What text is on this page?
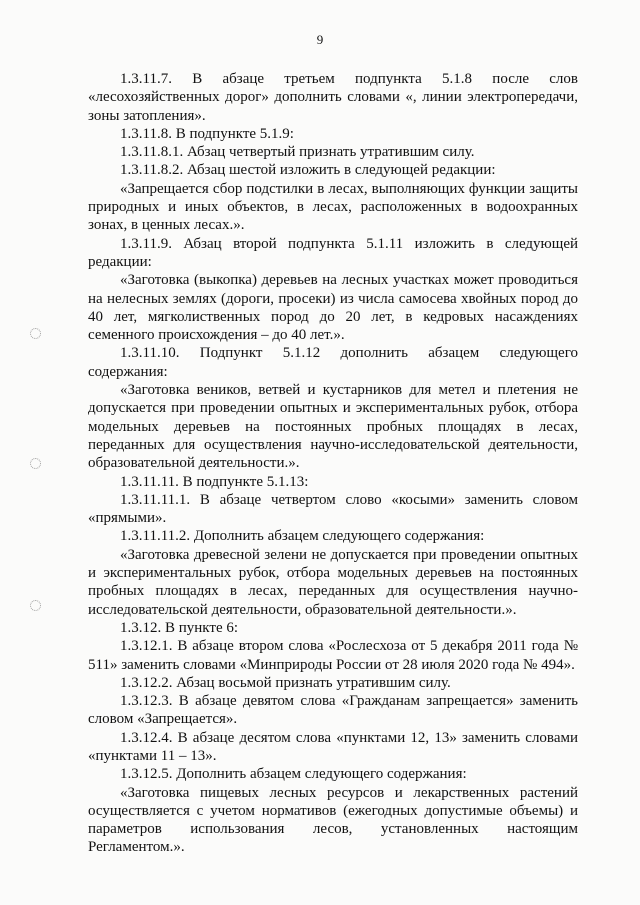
9

1.3.11.7. В абзаце третьем подпункта 5.1.8 после слов «лесохозяйственных дорог» дополнить словами «, линии электропередачи, зоны затопления».

1.3.11.8. В подпункте 5.1.9:

1.3.11.8.1. Абзац четвертый признать утратившим силу.

1.3.11.8.2. Абзац шестой изложить в следующей редакции:

«Запрещается сбор подстилки в лесах, выполняющих функции защиты природных и иных объектов, в лесах, расположенных в водоохранных зонах, в ценных лесах.».

1.3.11.9. Абзац второй подпункта 5.1.11 изложить в следующей редакции:

«Заготовка (выкопка) деревьев на лесных участках может проводиться на нелесных землях (дороги, просеки) из числа самосева хвойных пород до 40 лет, мягколиственных пород до 20 лет, в кедровых насаждениях семенного происхождения – до 40 лет.».

1.3.11.10. Подпункт 5.1.12 дополнить абзацем следующего содержания:

«Заготовка веников, ветвей и кустарников для метел и плетения не допускается при проведении опытных и экспериментальных рубок, отбора модельных деревьев на постоянных пробных площадях в лесах, переданных для осуществления научно-исследовательской деятельности, образовательной деятельности.».

1.3.11.11. В подпункте 5.1.13:

1.3.11.11.1. В абзаце четвертом слово «косыми» заменить словом «прямыми».

1.3.11.11.2. Дополнить абзацем следующего содержания:

«Заготовка древесной зелени не допускается при проведении опытных и экспериментальных рубок, отбора модельных деревьев на постоянных пробных площадях в лесах, переданных для осуществления научно-исследовательской деятельности, образовательной деятельности.».

1.3.12. В пункте 6:

1.3.12.1. В абзаце втором слова «Рослесхоза от 5 декабря 2011 года № 511» заменить словами «Минприроды России от 28 июля 2020 года № 494».

1.3.12.2. Абзац восьмой признать утратившим силу.

1.3.12.3. В абзаце девятом слова «Гражданам запрещается» заменить словом «Запрещается».

1.3.12.4. В абзаце десятом слова «пунктами 12, 13» заменить словами «пунктами 11 – 13».

1.3.12.5. Дополнить абзацем следующего содержания:

«Заготовка пищевых лесных ресурсов и лекарственных растений осуществляется с учетом нормативов (ежегодных допустимые объемы) и параметров использования лесов, установленных настоящим Регламентом.».
